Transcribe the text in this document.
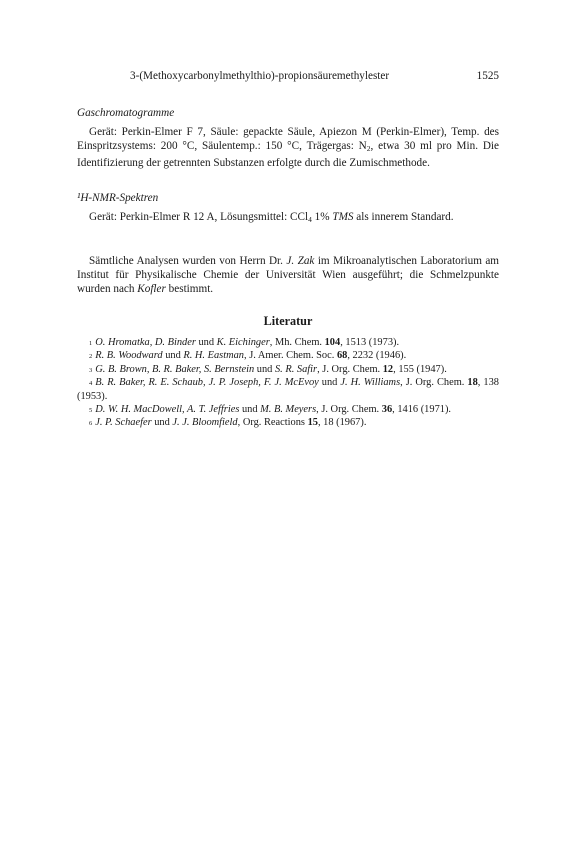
3-(Methoxycarbonylmethylthio)-propionsäuremethylester	1525

Gaschromatogramme

Gerät: Perkin-Elmer F 7, Säule: gepackte Säule, Apiezon M (Perkin-Elmer), Temp. des Einspritzsystems: 200 °C, Säulentemp.: 150 °C, Trägergas: $N_2$, etwa 30 ml pro Min. Die Identifizierung der getrennten Substanzen erfolgte durch die Zumischmethode.

¹H-NMR-Spektren

Gerät: Perkin-Elmer R 12 A, Lösungsmittel: CCl$_4$ 1% TMS als innerem Standard.

Sämtliche Analysen wurden von Herrn Dr. J. Zak im Mikroanalytischen Laboratorium am Institut für Physikalische Chemie der Universität Wien ausgeführt; die Schmelzpunkte wurden nach Kofler bestimmt.

Literatur

$^1$ O. Hromatka, D. Binder und K. Eichinger, Mh. Chem. 104, 1513 (1973).

$^2$ R. B. Woodward und R. H. Eastman, J. Amer. Chem. Soc. 68, 2232 (1946).

$^3$ G. B. Brown, B. R. Baker, S. Bernstein und S. R. Safir, J. Org. Chem. 12, 155 (1947).

$^4$ B. R. Baker, R. E. Schaub, J. P. Joseph, F. J. McEvoy und J. H. Williams, J. Org. Chem. 18, 138 (1953).

$^5$ D. W. H. MacDowell, A. T. Jeffries und M. B. Meyers, J. Org. Chem. 36, 1416 (1971).

$^6$ J. P. Schaefer und J. J. Bloomfield, Org. Reactions 15, 18 (1967).
